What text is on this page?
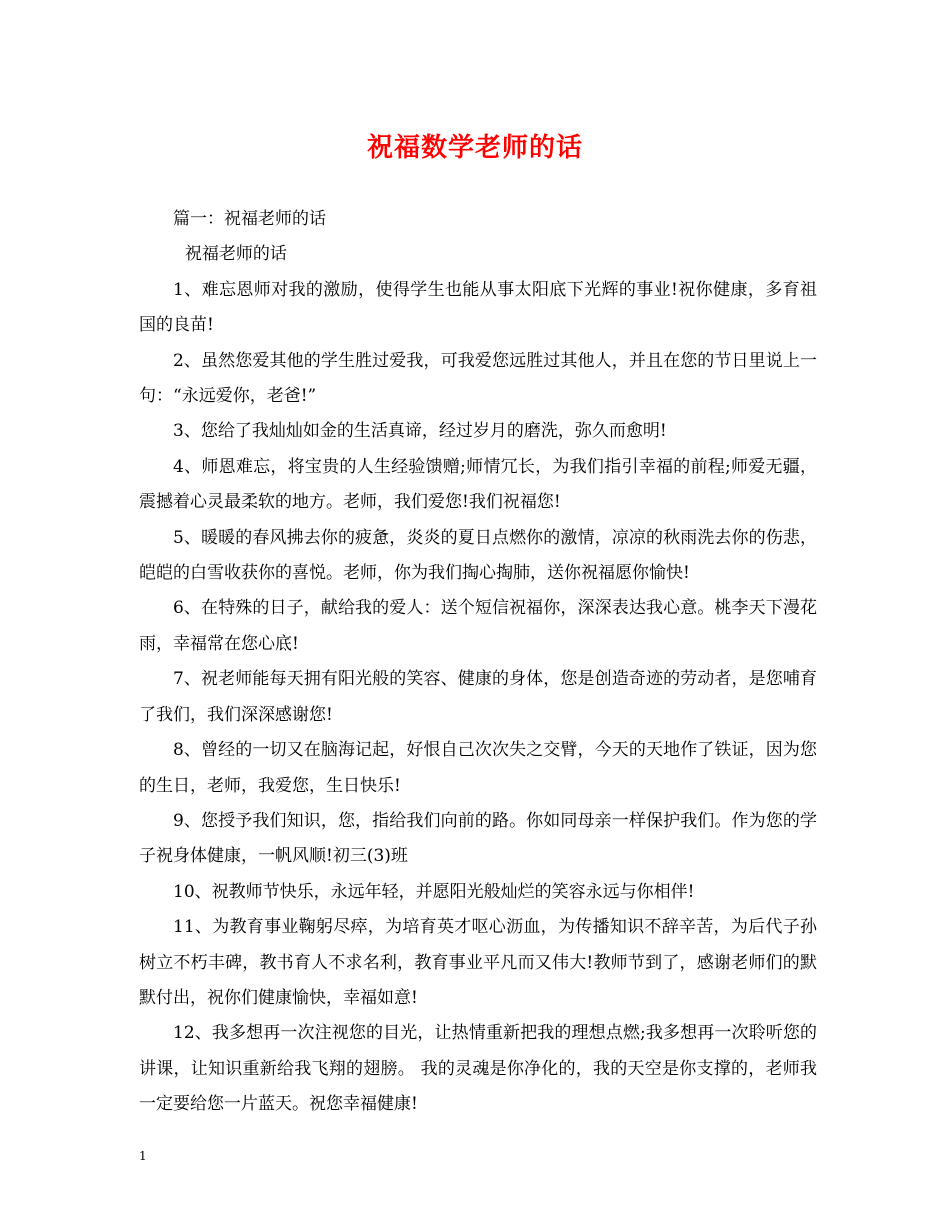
祝福数学老师的话

篇一：祝福老师的话

祝福老师的话

1、难忘恩师对我的激励，使得学生也能从事太阳底下光辉的事业!祝你健康，多育祖国的良苗!

2、虽然您爱其他的学生胜过爱我，可我爱您远胜过其他人，并且在您的节日里说上一句：“永远爱你，老爸!”

3、您给了我灿灿如金的生活真谛，经过岁月的磨洗，弥久而愈明!

4、师恩难忘，将宝贵的人生经验馈赠;师情冗长，为我们指引幸福的前程;师爱无疆，震撼着心灵最柔软的地方。老师，我们爱您!我们祝福您!

5、暖暖的春风拂去你的疲惫，炎炎的夏日点燃你的激情，凉凉的秋雨洗去你的伤悲，皑皑的白雪收获你的喜悦。老师，你为我们掏心掏肺，送你祝福愿你愉快!

6、在特殊的日子，献给我的爱人：送个短信祝福你，深深表达我心意。桃李天下漫花雨，幸福常在您心底!

7、祝老师能每天拥有阳光般的笑容、健康的身体，您是创造奇迹的劳动者，是您哺育了我们，我们深深感谢您!

8、曾经的一切又在脑海记起，好恨自己次次失之交臂，今天的天地作了铁证，因为您的生日，老师，我爱您，生日快乐!

9、您授予我们知识，您，指给我们向前的路。你如同母亲一样保护我们。作为您的学子祝身体健康，一帆风顺!初三(3)班

10、祝教师节快乐，永远年轻，并愿阳光般灿烂的笑容永远与你相伴!

11、为教育事业鞠躬尽瘁，为培育英才呕心沥血，为传播知识不辞辛苦，为后代子孙树立不朽丰碑，教书育人不求名利，教育事业平凡而又伟大!教师节到了，感谢老师们的默默付出，祝你们健康愉快，幸福如意!

12、我多想再一次注视您的目光，让热情重新把我的理想点燃;我多想再一次聆听您的讲课，让知识重新给我飞翔的翅膀。 我的灵魂是你净化的，我的天空是你支撑的，老师我一定要给您一片蓝天。祝您幸福健康!

1
